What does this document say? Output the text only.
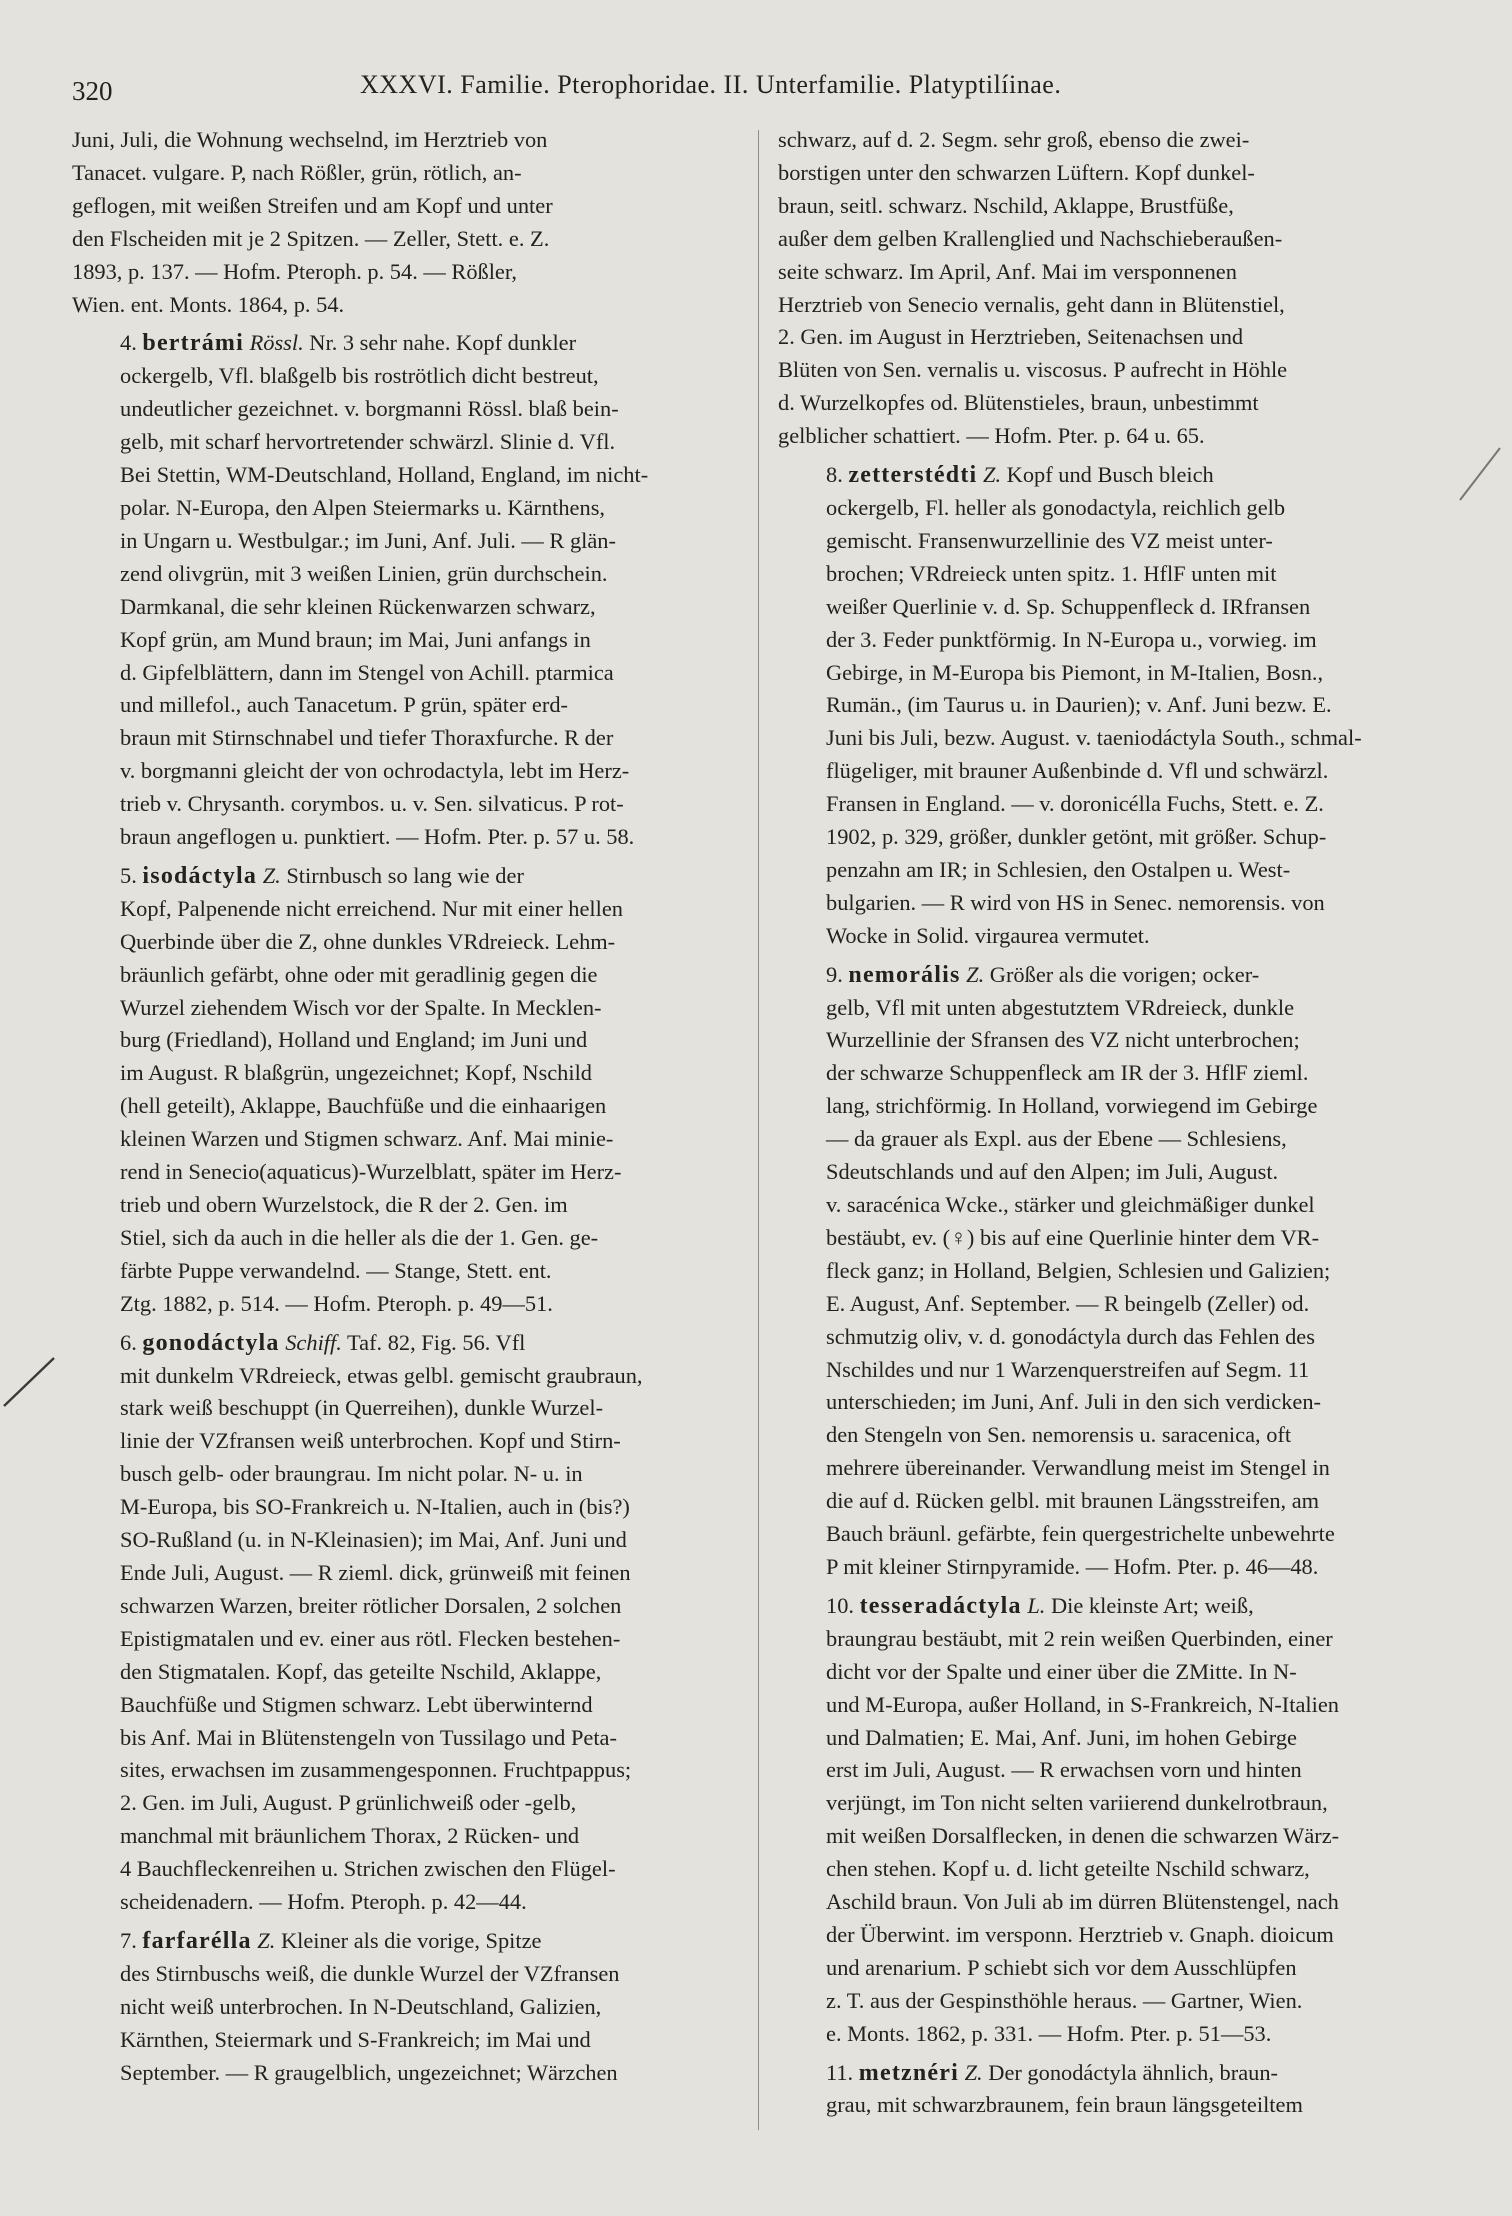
320	XXXVI. Familie. Pterophoridae. II. Unterfamilie. Platyptilíinae.

Juni, Juli, die Wohnung wechselnd, im Herztrieb von
Tanacet. vulgare. P, nach Rößler, grün, rötlich, an-
geflogen, mit weißen Streifen und am Kopf und unter
den Flscheiden mit je 2 Spitzen. — Zeller, Stett. e. Z.
1893, p. 137. — Hofm. Pteroph. p. 54. — Rößler,
Wien. ent. Monts. 1864, p. 54.

4. bertrámi Rössl. Nr. 3 sehr nahe. Kopf dunkler

ockergelb, Vfl. blaßgelb bis roströtlich dicht bestreut,
undeutlicher gezeichnet. v. borgmanni Rössl. blaß bein-
gelb, mit scharf hervortretender schwärzl. Slinie d. Vfl.
Bei Stettin, WM-Deutschland, Holland, England, im nicht-
polar. N-Europa, den Alpen Steiermarks u. Kärnthens,
in Ungarn u. Westbulgar.; im Juni, Anf. Juli. — R glän-
zend olivgrün, mit 3 weißen Linien, grün durchschein.
Darmkanal, die sehr kleinen Rückenwarzen schwarz,
Kopf grün, am Mund braun; im Mai, Juni anfangs in
d. Gipfelblättern, dann im Stengel von Achill. ptarmica
und millefol., auch Tanacetum. P grün, später erd-
braun mit Stirnschnabel und tiefer Thoraxfurche. R der
v. borgmanni gleicht der von ochrodactyla, lebt im Herz-
trieb v. Chrysanth. corymbos. u. v. Sen. silvaticus. P rot-
braun angeflogen u. punktiert. — Hofm. Pter. p. 57 u. 58.

5. isodáctyla Z. Stirnbusch so lang wie der

Kopf, Palpenende nicht erreichend. Nur mit einer hellen
Querbinde über die Z, ohne dunkles VRdreieck. Lehm-
bräunlich gefärbt, ohne oder mit geradlinig gegen die
Wurzel ziehendem Wisch vor der Spalte. In Mecklen-
burg (Friedland), Holland und England; im Juni und
im August. R blaßgrün, ungezeichnet; Kopf, Nschild
(hell geteilt), Aklappe, Bauchfüße und die einhaarigen
kleinen Warzen und Stigmen schwarz. Anf. Mai minie-
rend in Senecio(aquaticus)-Wurzelblatt, später im Herz-
trieb und obern Wurzelstock, die R der 2. Gen. im
Stiel, sich da auch in die heller als die der 1. Gen. ge-
färbte Puppe verwandelnd. — Stange, Stett. ent.
Ztg. 1882, p. 514. — Hofm. Pteroph. p. 49—51.

6. gonodáctyla Schiff. Taf. 82, Fig. 56. Vfl

mit dunkelm VRdreieck, etwas gelbl. gemischt graubraun,
stark weiß beschuppt (in Querreihen), dunkle Wurzel-
linie der VZfransen weiß unterbrochen. Kopf und Stirn-
busch gelb- oder braungrau. Im nicht polar. N- u. in
M-Europa, bis SO-Frankreich u. N-Italien, auch in (bis?)
SO-Rußland (u. in N-Kleinasien); im Mai, Anf. Juni und
Ende Juli, August. — R zieml. dick, grünweiß mit feinen
schwarzen Warzen, breiter rötlicher Dorsalen, 2 solchen
Epistigmatalen und ev. einer aus rötl. Flecken bestehen-
den Stigmatalen. Kopf, das geteilte Nschild, Aklappe,
Bauchfüße und Stigmen schwarz. Lebt überwinternd
bis Anf. Mai in Blütenstengeln von Tussilago und Peta-
sites, erwachsen im zusammengesponnen. Fruchtpappus;
2. Gen. im Juli, August. P grünlichweiß oder -gelb,
manchmal mit bräunlichem Thorax, 2 Rücken- und
4 Bauchfleckenreihen u. Strichen zwischen den Flügel-
scheidenadern. — Hofm. Pteroph. p. 42—44.

7. farfarélla Z. Kleiner als die vorige, Spitze

des Stirnbuschs weiß, die dunkle Wurzel der VZfransen
nicht weiß unterbrochen. In N-Deutschland, Galizien,
Kärnthen, Steiermark und S-Frankreich; im Mai und
September. — R graugelblich, ungezeichnet; Wärzchen

schwarz, auf d. 2. Segm. sehr groß, ebenso die zwei-
borstigen unter den schwarzen Lüftern. Kopf dunkel-
braun, seitl. schwarz. Nschild, Aklappe, Brustfüße,
außer dem gelben Krallenglied und Nachschieberaußen-
seite schwarz. Im April, Anf. Mai im versponnenen
Herztrieb von Senecio vernalis, geht dann in Blütenstiel,
2. Gen. im August in Herztrieben, Seitenachsen und
Blüten von Sen. vernalis u. viscosus. P aufrecht in Höhle
d. Wurzelkopfes od. Blütenstieles, braun, unbestimmt
gelblicher schattiert. — Hofm. Pter. p. 64 u. 65.

8. zetterstédti Z. Kopf und Busch bleich

ockergelb, Fl. heller als gonodactyla, reichlich gelb
gemischt. Fransenwurzellinie des VZ meist unter-
brochen; VRdreieck unten spitz. 1. HflF unten mit
weißer Querlinie v. d. Sp. Schuppenfleck d. IRfransen
der 3. Feder punktförmig. In N-Europa u., vorwieg. im
Gebirge, in M-Europa bis Piemont, in M-Italien, Bosn.,
Rumän., (im Taurus u. in Daurien); v. Anf. Juni bezw. E.
Juni bis Juli, bezw. August. v. taeniodáctyla South., schmal-
flügeliger, mit brauner Außenbinde d. Vfl und schwärzl.
Fransen in England. — v. doronicélla Fuchs, Stett. e. Z.
1902, p. 329, größer, dunkler getönt, mit größer. Schup-
penzahn am IR; in Schlesien, den Ostalpen u. West-
bulgarien. — R wird von HS in Senec. nemorensis. von
Wocke in Solid. virgaurea vermutet.

9. nemorális Z. Größer als die vorigen; ocker-

gelb, Vfl mit unten abgestutztem VRdreieck, dunkle
Wurzellinie der Sfransen des VZ nicht unterbrochen;
der schwarze Schuppenfleck am IR der 3. HflF zieml.
lang, strichförmig. In Holland, vorwiegend im Gebirge
— da grauer als Expl. aus der Ebene — Schlesiens,
Sdeutschlands und auf den Alpen; im Juli, August.
v. saracénica Wcke., stärker und gleichmäßiger dunkel
bestäubt, ev. (♀) bis auf eine Querlinie hinter dem VR-
fleck ganz; in Holland, Belgien, Schlesien und Galizien;
E. August, Anf. September. — R beingelb (Zeller) od.
schmutzig oliv, v. d. gonodáctyla durch das Fehlen des
Nschildes und nur 1 Warzenquerstreifen auf Segm. 11
unterschieden; im Juni, Anf. Juli in den sich verdicken-
den Stengeln von Sen. nemorensis u. saracenica, oft
mehrere übereinander. Verwandlung meist im Stengel in
die auf d. Rücken gelbl. mit braunen Längsstreifen, am
Bauch bräunl. gefärbte, fein quergestrichelte unbewehrte
P mit kleiner Stirnpyramide. — Hofm. Pter. p. 46—48.

10. tesseradáctyla L. Die kleinste Art; weiß,

braungrau bestäubt, mit 2 rein weißen Querbinden, einer
dicht vor der Spalte und einer über die ZMitte. In N-
und M-Europa, außer Holland, in S-Frankreich, N-Italien
und Dalmatien; E. Mai, Anf. Juni, im hohen Gebirge
erst im Juli, August. — R erwachsen vorn und hinten
verjüngt, im Ton nicht selten variierend dunkelrotbraun,
mit weißen Dorsalflecken, in denen die schwarzen Wärz-
chen stehen. Kopf u. d. licht geteilte Nschild schwarz,
Aschild braun. Von Juli ab im dürren Blütenstengel, nach
der Überwint. im versponn. Herztrieb v. Gnaph. dioicum
und arenarium. P schiebt sich vor dem Ausschlüpfen
z. T. aus der Gespinsthöhle heraus. — Gartner, Wien.
e. Monts. 1862, p. 331. — Hofm. Pter. p. 51—53.

11. metznéri Z. Der gonodáctyla ähnlich, braun-

grau, mit schwarzbraunem, fein braun längsgeteiltem
